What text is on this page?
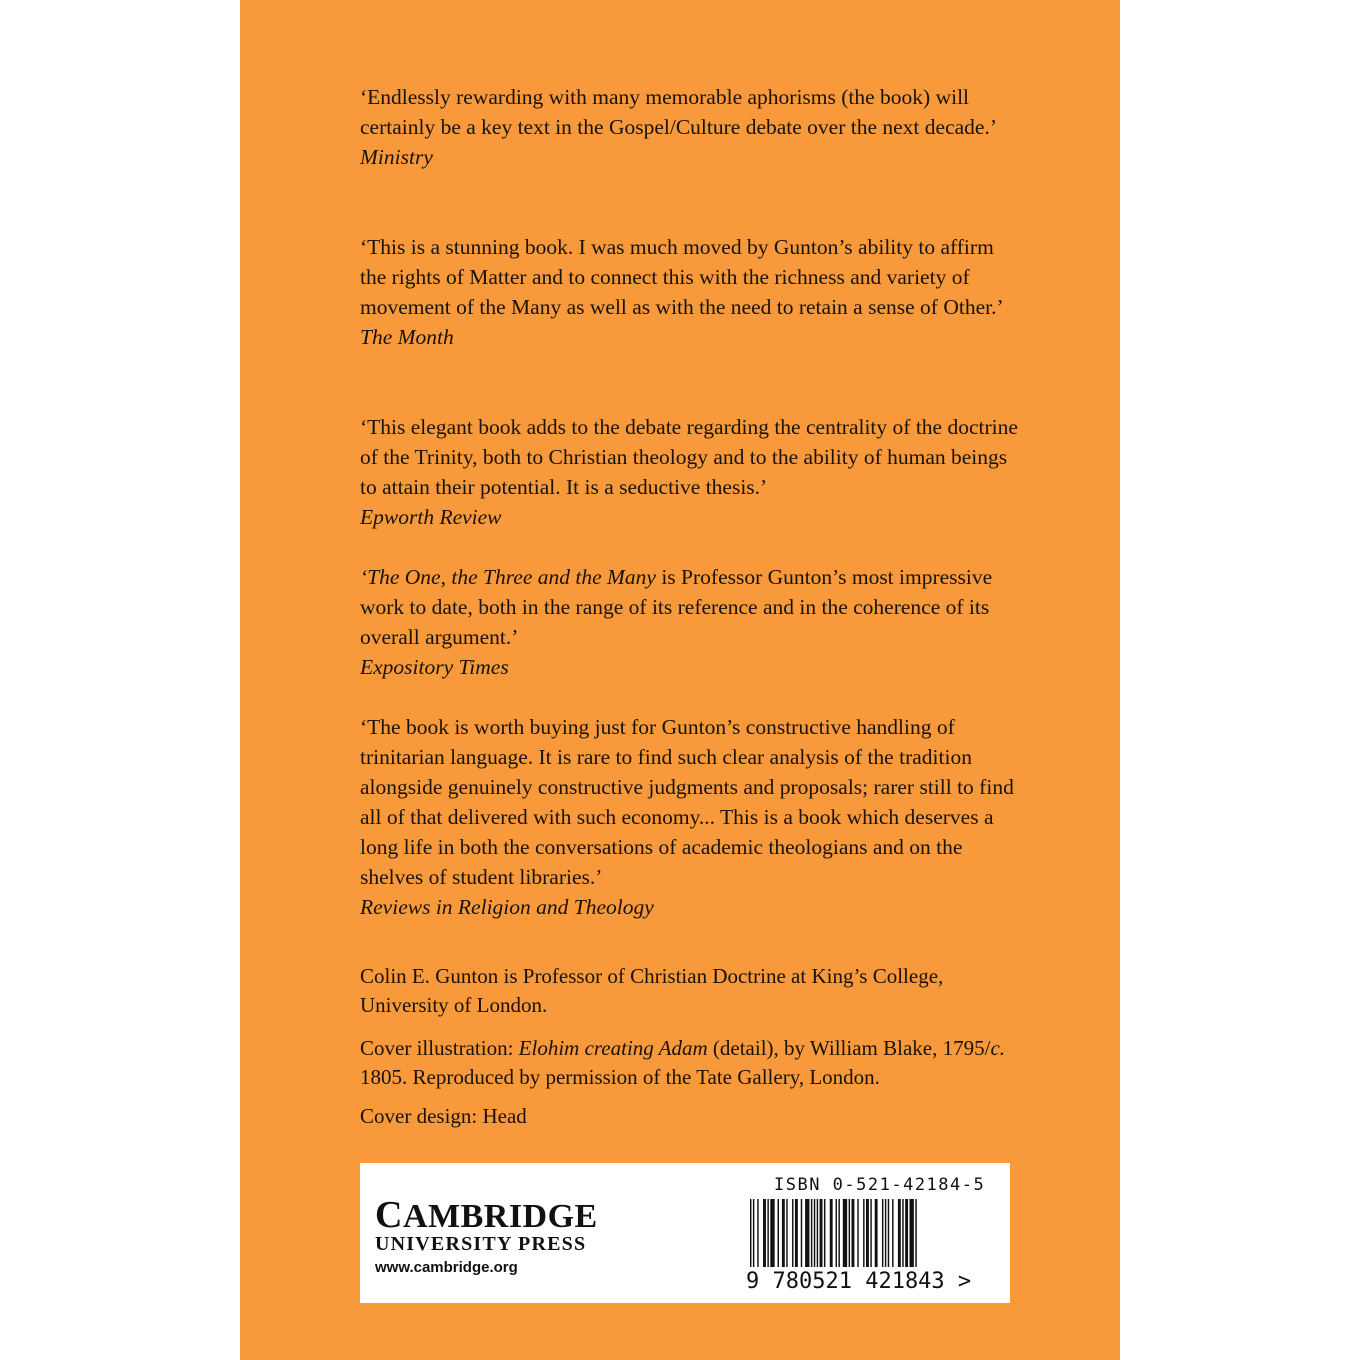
‘Endlessly rewarding with many memorable aphorisms (the book) will certainly be a key text in the Gospel/Culture debate over the next decade.’
Ministry
‘This is a stunning book. I was much moved by Gunton’s ability to affirm the rights of Matter and to connect this with the richness and variety of movement of the Many as well as with the need to retain a sense of Other.’
The Month
‘This elegant book adds to the debate regarding the centrality of the doctrine of the Trinity, both to Christian theology and to the ability of human beings to attain their potential. It is a seductive thesis.’
Epworth Review
‘The One, the Three and the Many is Professor Gunton’s most impressive work to date, both in the range of its reference and in the coherence of its overall argument.’
Expository Times
‘The book is worth buying just for Gunton’s constructive handling of trinitarian language. It is rare to find such clear analysis of the tradition alongside genuinely constructive judgments and proposals; rarer still to find all of that delivered with such economy... This is a book which deserves a long life in both the conversations of academic theologians and on the shelves of student libraries.’
Reviews in Religion and Theology
Colin E. Gunton is Professor of Christian Doctrine at King’s College, University of London.
Cover illustration: Elohim creating Adam (detail), by William Blake, 1795/c. 1805. Reproduced by permission of the Tate Gallery, London.
Cover design: Head
CAMBRIDGE
UNIVERSITY PRESS
www.cambridge.org
ISBN 0-521-42184-5
9 780521 421843 >
